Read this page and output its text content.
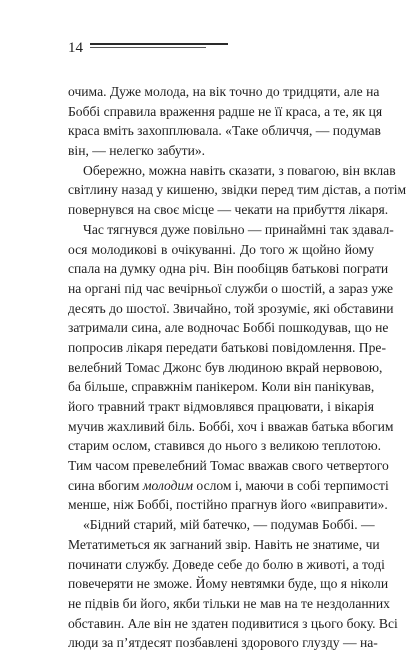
14
очима. Дуже молода, на вік точно до тридцяти, але на
Боббі справила враження радше не її краса, а те, як ця
краса вміть захопплювала. «Таке обличчя, — подумав
він, — нелегко забути».
Обережно, можна навіть сказати, з повагою, він вклав
світлину назад у кишеню, звідки перед тим дістав, а потім
повернувся на своє місце — чекати на прибуття лікаря.
Час тягнувся дуже повільно — принаймні так здавал-
ося молодикові в очікуванні. До того ж щойно йому
спала на думку одна річ. Він пообіцяв батькові пограти
на органі під час вечірньої служби о шостій, а зараз уже
десять до шостої. Звичайно, той зрозуміє, які обставини
затримали сина, але водночас Боббі пошкодував, що не
попросив лікаря передати батькові повідомлення. Пре-
велебний Томас Джонс був людиною вкрай нервовою,
ба більше, справжнім панікером. Коли він панікував,
його травний тракт відмовлявся працювати, і вікарія
мучив жахливий біль. Боббі, хоч і вважав батька вбогим
старим ослом, ставився до нього з великою теплотою.
Тим часом превелебний Томас вважав свого четвертого
сина вбогим молодим ослом і, маючи в собі терпимості
менше, ніж Боббі, постійно прагнув його «виправити».
«Бідний старий, мій батечко, — подумав Боббі. —
Метатиметься як загнаний звір. Навіть не знатиме, чи
починати службу. Доведе себе до болю в животі, а тоді
повечеряти не зможе. Йому невтямки буде, що я ніколи
не підвів би його, якби тільки не мав на те нездоланних
обставин. Але він не здатен подивитися з цього боку. Всі
люди за п’ятдесят позбавлені здорового глузду — на-
